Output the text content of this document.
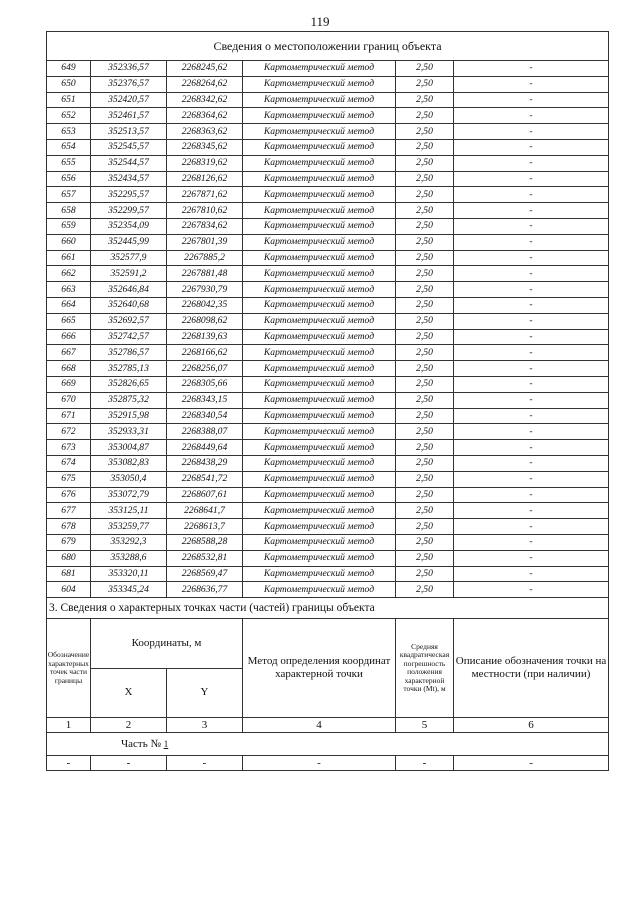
119
Сведения о местоположении границ объекта					
649	352336,57	2268245,62	Картометрический метод	2,50	-
650	352376,57	2268264,62	Картометрический метод	2,50	-
651	352420,57	2268342,62	Картометрический метод	2,50	-
652	352461,57	2268364,62	Картометрический метод	2,50	-
653	352513,57	2268363,62	Картометрический метод	2,50	-
654	352545,57	2268345,62	Картометрический метод	2,50	-
655	352544,57	2268319,62	Картометрический метод	2,50	-
656	352434,57	2268126,62	Картометрический метод	2,50	-
657	352295,57	2267871,62	Картометрический метод	2,50	-
658	352299,57	2267810,62	Картометрический метод	2,50	-
659	352354,09	2267834,62	Картометрический метод	2,50	-
660	352445,99	2267801,39	Картометрический метод	2,50	-
661	352577,9	2267885,2	Картометрический метод	2,50	-
662	352591,2	2267881,48	Картометрический метод	2,50	-
663	352646,84	2267930,79	Картометрический метод	2,50	-
664	352640,68	2268042,35	Картометрический метод	2,50	-
665	352692,57	2268098,62	Картометрический метод	2,50	-
666	352742,57	2268139,63	Картометрический метод	2,50	-
667	352786,57	2268166,62	Картометрический метод	2,50	-
668	352785,13	2268256,07	Картометрический метод	2,50	-
669	352826,65	2268305,66	Картометрический метод	2,50	-
670	352875,32	2268343,15	Картометрический метод	2,50	-
671	352915,98	2268340,54	Картометрический метод	2,50	-
672	352933,31	2268388,07	Картометрический метод	2,50	-
673	353004,87	2268449,64	Картометрический метод	2,50	-
674	353082,83	2268438,29	Картометрический метод	2,50	-
675	353050,4	2268541,72	Картометрический метод	2,50	-
676	353072,79	2268607,61	Картометрический метод	2,50	-
677	353125,11	2268641,7	Картометрический метод	2,50	-
678	353259,77	2268613,7	Картометрический метод	2,50	-
679	353292,3	2268588,28	Картометрический метод	2,50	-
680	353288,6	2268532,81	Картометрический метод	2,50	-
681	353320,11	2268569,47	Картометрический метод	2,50	-
604	353345,24	2268636,77	Картометрический метод	2,50	-
3. Сведения о характерных точках части (частей) границы объекта					
Обозначение характерных точек части границы	Координаты, м		Метод определения координат характерной точки	Средняя квадратическая погрешность положения характерной точки (Mt), м	Описание обозначения точки на местности (при наличии)
	X	Y			
1	2	3	4	5	6
Часть № 1					
-	-	-	-	-	-
